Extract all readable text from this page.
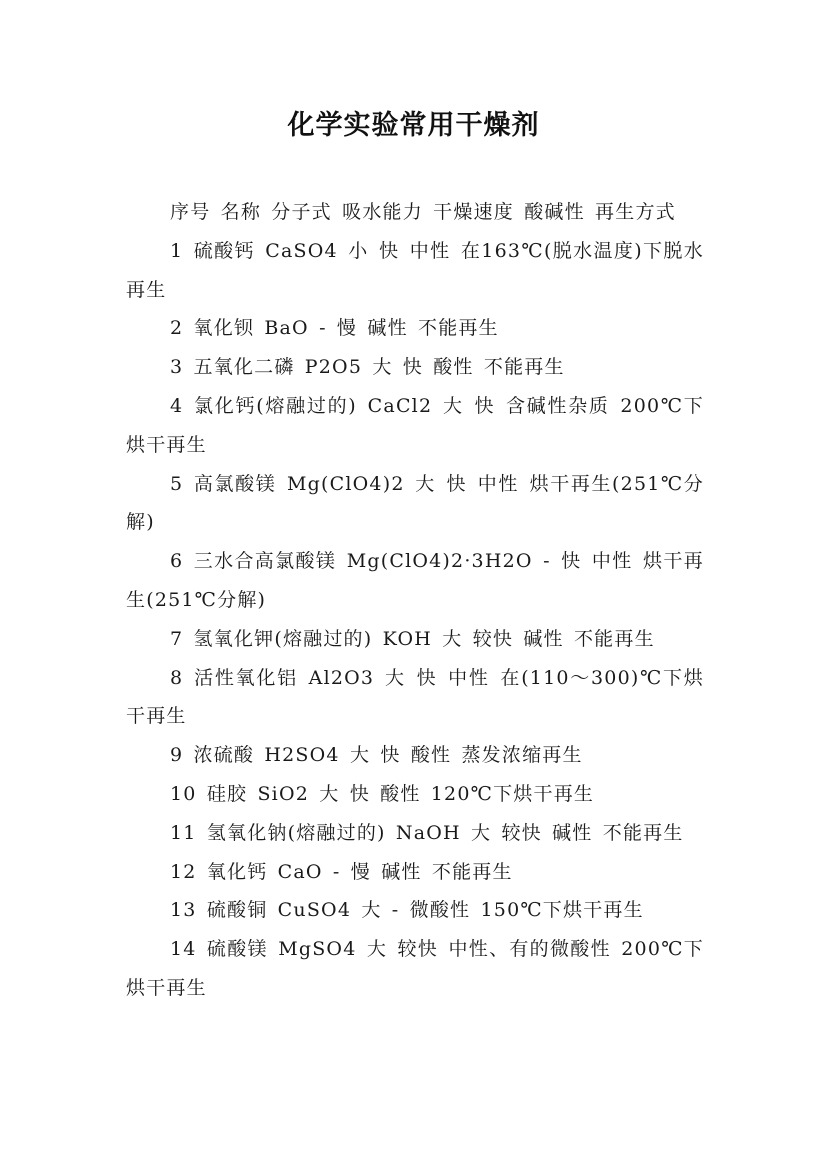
化学实验常用干燥剂

序号 名称 分子式 吸水能力 干燥速度 酸碱性 再生方式

1 硫酸钙 CaSO4 小 快 中性 在163℃(脱水温度)下脱水再生

2 氧化钡 BaO - 慢 碱性 不能再生

3 五氧化二磷 P2O5 大 快 酸性 不能再生

4 氯化钙(熔融过的) CaCl2 大 快 含碱性杂质 200℃下烘干再生

5 高氯酸镁 Mg(ClO4)2 大 快 中性 烘干再生(251℃分解)

6 三水合高氯酸镁 Mg(ClO4)2·3H2O - 快 中性 烘干再生(251℃分解)

7 氢氧化钾(熔融过的) KOH 大 较快 碱性 不能再生

8 活性氧化铝 Al2O3 大 快 中性 在(110～300)℃下烘干再生

9 浓硫酸 H2SO4 大 快 酸性 蒸发浓缩再生

10 硅胶 SiO2 大 快 酸性 120℃下烘干再生

11 氢氧化钠(熔融过的) NaOH 大 较快 碱性 不能再生

12 氧化钙 CaO - 慢 碱性 不能再生

13 硫酸铜 CuSO4 大 - 微酸性 150℃下烘干再生

14 硫酸镁 MgSO4 大 较快 中性、有的微酸性 200℃下烘干再生
